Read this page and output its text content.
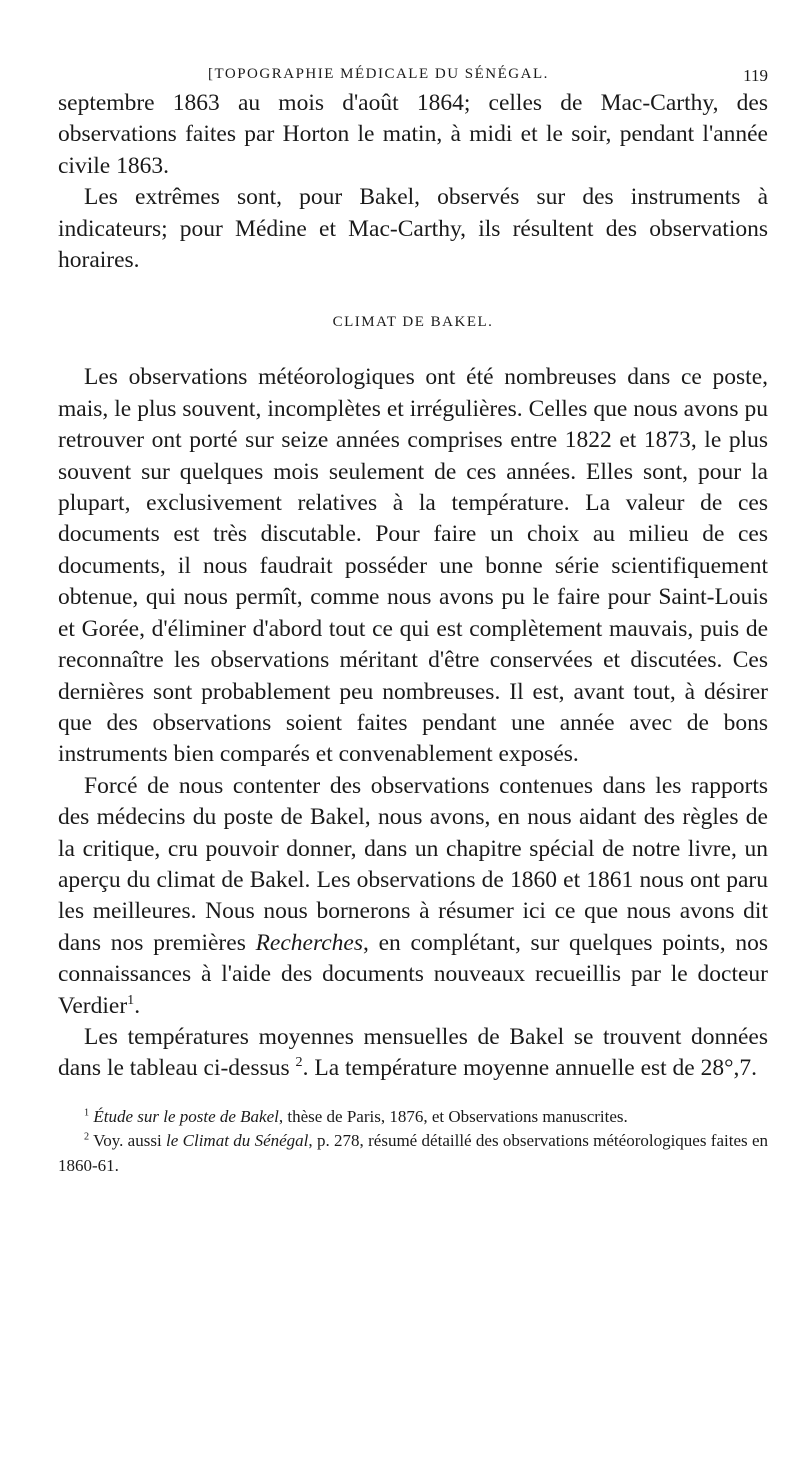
[TOPOGRAPHIE MÉDICALE DU SÉNÉGAL.	119

septembre 1863 au mois d'août 1864; celles de Mac-Carthy, des observations faites par Horton le matin, à midi et le soir, pendant l'année civile 1863.

Les extrêmes sont, pour Bakel, observés sur des instruments à indicateurs; pour Médine et Mac-Carthy, ils résultent des observations horaires.

CLIMAT DE BAKEL.

Les observations météorologiques ont été nombreuses dans ce poste, mais, le plus souvent, incomplètes et irrégulières. Celles que nous avons pu retrouver ont porté sur seize années comprises entre 1822 et 1873, le plus souvent sur quelques mois seulement de ces années. Elles sont, pour la plupart, exclusivement relatives à la température. La valeur de ces documents est très discutable. Pour faire un choix au milieu de ces documents, il nous faudrait posséder une bonne série scientifiquement obtenue, qui nous permît, comme nous avons pu le faire pour Saint-Louis et Gorée, d'éliminer d'abord tout ce qui est complètement mauvais, puis de reconnaître les observations méritant d'être conservées et discutées. Ces dernières sont probablement peu nombreuses. Il est, avant tout, à désirer que des observations soient faites pendant une année avec de bons instruments bien comparés et convenablement exposés.

Forcé de nous contenter des observations contenues dans les rapports des médecins du poste de Bakel, nous avons, en nous aidant des règles de la critique, cru pouvoir donner, dans un chapitre spécial de notre livre, un aperçu du climat de Bakel. Les observations de 1860 et 1861 nous ont paru les meilleures. Nous nous bornerons à résumer ici ce que nous avons dit dans nos premières Recherches, en complétant, sur quelques points, nos connaissances à l'aide des documents nouveaux recueillis par le docteur Verdier$^1$.

Les températures moyennes mensuelles de Bakel se trouvent données dans le tableau ci-dessus $^2$. La température moyenne annuelle est de 28°,7.

$^1$ Étude sur le poste de Bakel, thèse de Paris, 1876, et Observations manuscrites.

$^2$ Voy. aussi le Climat du Sénégal, p. 278, résumé détaillé des observations météorologiques faites en 1860-61.
